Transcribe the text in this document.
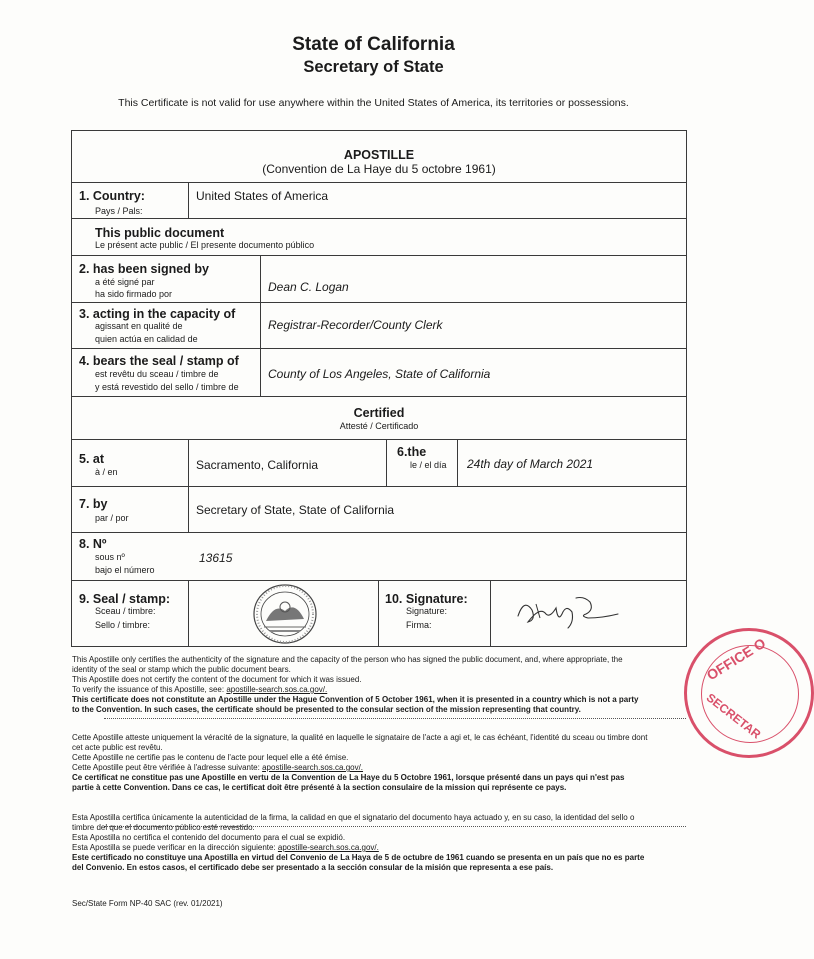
State of California
Secretary of State
This Certificate is not valid for use anywhere within the United States of America, its territories or possessions.
APOSTILLE
(Convention de La Haye du 5 octobre 1961)
1. Country:
Pays / Pals:
United States of America
This public document
Le présent acte public / El presente documento público
2. has been signed by
a été signé par
ha sido firmado por	Dean C. Logan
3. acting in the capacity of
agissant en qualité de
quien actúa en calidad de
Registrar-Recorder/County Clerk
4. bears the seal / stamp of
est revêtu du sceau / timbre de
y está revestido del sello / timbre de
County of Los Angeles, State of California
Certified
Attesté / Certificado
5. at
à / en	Sacramento, California
6.the
le / el día 24th day of March 2021
7. by
par / por
Secretary of State, State of California
8. Nº
sous nº
bajo el número
13615
9. Seal / stamp:
Sceau / timbre:
Sello / timbre:
10. Signature:
Signature:
Firma:
This Apostille only certifies the authenticity of the signature and the capacity of the person who has signed the public document, and, where appropriate, the
identity of the seal or stamp which the public document bears.
This Apostille does not certify the content of the document for which it was issued.
To verify the issuance of this Apostille, see: apostille-search.sos.ca.gov/.
This certificate does not constitute an Apostille under the Hague Convention of 5 October 1961, when it is presented in a country which is not a party
to the Convention. In such cases, the certificate should be presented to the consular section of the mission representing that country.
Cette Apostille atteste uniquement la véracité de la signature, la qualité en laquelle le signataire de l'acte a agi et, le cas échéant, l'identité du sceau ou timbre dont
cet acte public est revêtu.
Cette Apostille ne certifie pas le contenu de l'acte pour lequel elle a été émise.
Cette Apostille peut être vérifiée à l'adresse suivante: apostille-search.sos.ca.gov/.
Ce certificat ne constitue pas une Apostille en vertu de la Convention de La Haye du 5 Octobre 1961, lorsque présenté dans un pays qui n'est pas
partie à cette Convention. Dans ce cas, le certificat doit être présenté à la section consulaire de la mission qui représente ce pays.
Esta Apostilla certifica únicamente la autenticidad de la firma, la calidad en que el signatario del documento haya actuado y, en su caso, la identidad del sello o
timbre del que el documento público esté revestido.
Esta Apostilla no certifica el contenido del documento para el cual se expidió.
Esta Apostilla se puede verificar en la dirección siguiente: apostille-search.sos.ca.gov/.
Este certificado no constituye una Apostilla en virtud del Convenio de La Haya de 5 de octubre de 1961 cuando se presenta en un país que no es parte
del Convenio. En estos casos, el certificado debe ser presentado a la sección consular de la misión que representa a ese país.
Sec/State Form NP-40 SAC (rev. 01/2021)
OFFICE O
SECRETAR
